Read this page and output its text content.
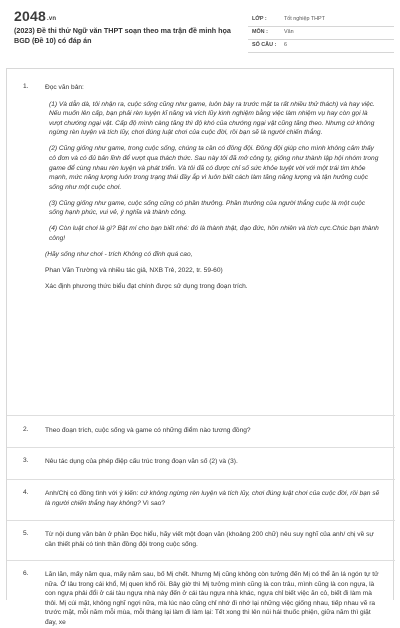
2048.vn
(2023) Đề thi thử Ngữ văn THPT soạn theo ma trận đề minh họa BGD (Đề 10) có đáp án
LỚP :	Tốt nghiệp THPT
MÔN :	Văn
SỐ CÂU : 6
1.	Đọc văn bản:
(1) Và dẫn dà, tôi nhận ra, cuộc sống cũng như game, luôn bày ra trước mặt ta rất nhiều thử thách) và hay việc. Nếu muốn lên cấp, bạn phải rèn luyện kĩ năng và vích lũy kinh nghiệm bằng việc làm nhiệm vụ hay còn gọi là vượt chướng ngại vật. Cấp độ mình càng tăng thì độ khó của chướng ngại vật cũng tăng theo. Nhưng cứ không ngừng rèn luyện và tích lũy, chơi đúng luật chơi của cuộc đời, rồi bạn sẽ là người chiến thắng.
(2) Cũng giống như game, trong cuộc sống, chúng ta cần có đồng đội. Đồng đội giúp cho mình không cảm thấy cô đơn và có đủ bản lĩnh để vượt qua thách thức. Sau này tôi đã mở công ty, giống như thành lập hội nhóm trong game để cùng nhau rèn luyện và phát triển. Và tôi đã có được chỉ số sức khỏe tuyệt vời với một trái tim khỏe mạnh, mức năng lượng luôn trong trạng thái đầy ắp vì luôn biết cách làm tăng năng lượng và tận hưởng cuộc sống như một cuộc chơi.
(3) Cũng giống như game, cuộc sống cũng có phần thưởng. Phần thưởng của người thắng cuộc là một cuộc sống hạnh phúc, vui vẻ, ý nghĩa và thành công.
(4) Còn luật chơi là gì? Bật mí cho bạn biết nhé: đó là thành thật, đạo đức, hồn nhiên và tích cực.Chúc bạn thành công!
(Hãy sống như chơi - trích Không có đỉnh quá cao,
Phan Văn Trường và nhiều tác giả, NXB Trẻ, 2022, tr. 59-60)
Xác định phương thức biểu đạt chính được sử dụng trong đoạn trích.
2.	Theo đoạn trích, cuộc sống và game có những điểm nào tương đồng?
3.	Nêu tác dụng của phép điệp cấu trúc trong đoạn văn số (2) và (3).
4.	Anh/Chị có đồng tình với ý kiến: cứ không ngừng rèn luyện và tích lũy, chơi đúng luật chơi của cuộc đời, rồi bạn sẽ là người chiến thắng hay không? Vì sao?
5.	Từ nội dung văn bản ở phần Đọc hiểu, hãy viết một đoạn văn (khoảng 200 chữ) nêu suy nghĩ của anh/ chị về sự cần thiết phải có tinh thần đồng đội trong cuộc sống.
6.	Lăn lăn, mấy năm qua, mấy năm sau, bố Mị chết. Nhưng Mị cũng không còn tưởng đến Mị có thể ăn lá ngón tự tử nữa. Ở lâu trong cái khổ, Mị quen khổ rồi. Bây giờ thì Mị tưởng mình cũng là con trâu, mình cũng là con ngựa, là con ngựa phải đổi ở cái tàu ngựa nhà này đến ở cái tàu ngựa nhà khác, ngựa chỉ biết việc ăn cỏ, biết đi làm mà thôi. Mị cúi mặt, không nghĩ ngợi nữa, mà lúc nào cũng chỉ nhớ đi nhớ lại những việc giống nhau, tiếp nhau vẽ ra trước mặt, mỗi năm mỗi mùa, mỗi tháng lại làm đi làm lại: Tết xong thì lên núi hái thuốc phiện, giữa năm thì giặt đay, xe
